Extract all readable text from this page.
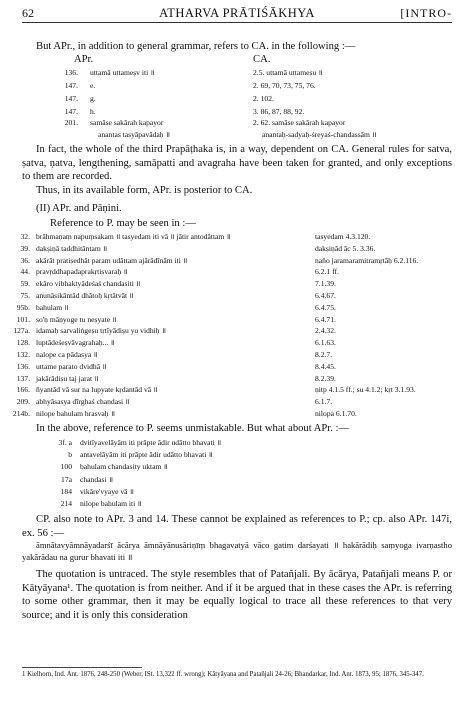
62	ATHARVA PRĀTIŚĀKHYA	[INTRO-
But APr., in addition to general grammar, refers to CA. in the following :—
APr.	CA.
136. uttamā uttameṣv iti ॥	2.5. uttamā uttameṣu ॥
147. e.	2. 69, 70, 73, 75, 76.
147. g.	2. 102.
147. h.	3. 86, 87, 88, 92.
201. samāse sakārah kapayor	2. 62. samāse sakārah kapayor
anantas tasyāpavādaḥ ॥	anantaḥ-sadyaḥ-śreyaś-chandassām ॥
In fact, the whole of the third Prapāṭhaka is, in a way, dependent on CA. General rules for satva, ṣatva, ṇatva, lengthening, samāpatti and avagraha have been taken for granted, and only exceptions to them are recorded.
Thus, in its available form, APr. is posterior to CA.
(II) APr. and Pāṇini.
Reference to P. may be seen in :—
32. brāhmaṇaṃ napuṃsakam ॥ tasyedam iti vā ॥ jātir antodāttam ॥	tasyedam 4.3.120.
39. dakṣiṇā taddhitāntam ॥	dakṣiṇād āc 5. 3.36.
36. akārāt pratiṣedhāt param udāttam ajārādīnām iti ॥	naño jaramaramitramṛtāḥ 6.2.116.
44. pravṛddhapadaprakṛtisvaraḥ ॥	6.2.1 ff.
59. ekāro vibhaktyādeśaś chandasiti ॥	7.1.39.
75. anunāsikāntād dhātoḥ kṛtātvāt ॥	6.4.67.
95b. bahulam ॥	6.4.75.
101. so'ṇ māṇyoge tu neṣyate ॥	6.4.71.
127a. idamaḥ sarvaliṅgeṣu tṛtīyādiṣu yo vidhiḥ ॥	2.4.32.
128. luptādeśeṣvāvagrahaḥ... ॥	6.1.63.
132. nalope ca pādasya ॥	8.2.7.
136. uttame parato dvidhā ॥	8.4.45.
137. jakārādiṣu taj jarat ॥	8.2.39.
166. ñyantād vā sur na lupyate kṛdantād vā ॥	ṇitp 4.1.5 ff.; su 4.1.2; kṛt 3.1.93.
209. abhyāsasya dīrghaś chandasi ॥	6.1.7.
214b. nilope bahulam hrasvaḥ ॥	nilopa 6.1.70.
In the above, reference to P. seems unmistakable. But what about APr. :—
3f. a dvitīyavelāyām iti prāpte ādir udātto bhavati ॥
b antavelāyām iti prāpte ādir udātto bhavati ॥
100 bahulam chandasity uktam ॥
17a chandasi ॥
184 vikāre'vyaye vā ॥
214 nilope bahulam iti ॥
CP. also note to APr. 3 and 14. These cannot be explained as references to P.; cp. also APr. 147i, ex. 56 :—
āmnātavyāmnāyadarśī ācārya āmnāyānusāriṇīṃ bhagavatyā vāco gatim darśayati ॥ hakārādiḥ saṃyoga ivarṇastho yakārādau na gurur bhavati iti ॥
The quotation is untraced. The style resembles that of Patañjali. By ācārya, Patañjali means P. or Kātyāyana¹. The quotation is from neither. And if it be argued that in these cases the APr. is referring to some other grammar, then it may be equally logical to trace all these references to that very source; and it is only this consideration
1 Kielhorn, Ind. Ant. 1876, 248-250 (Weber, ISt. 13,322 ff. wrong); Kātyāyana and Patañjali 24-26; Bhandarkar, Ind. Ant. 1873, 95; 1876, 345-347.
